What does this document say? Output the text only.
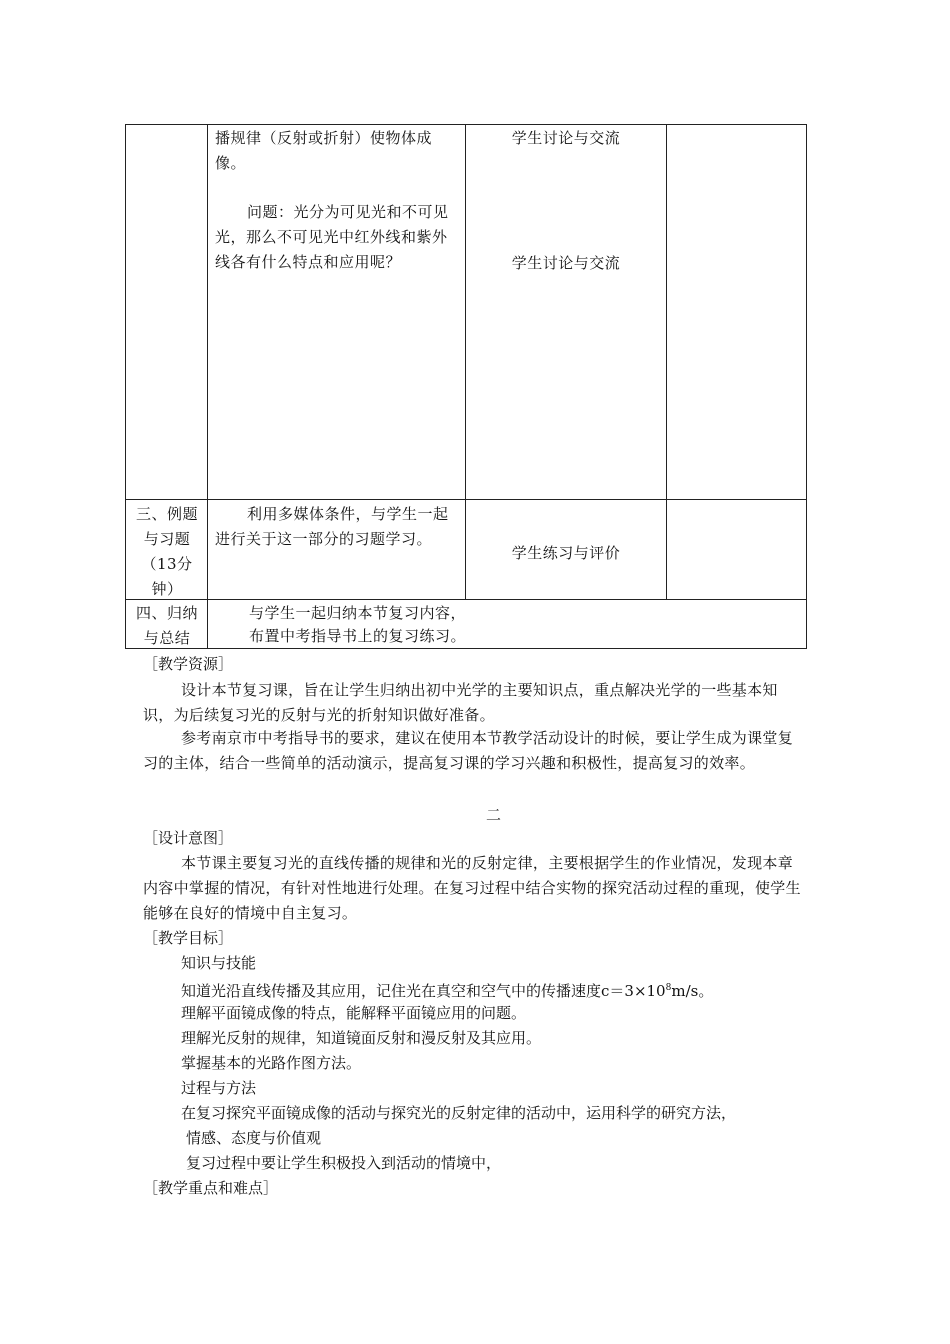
播规律（反射或折射）使物体成像。
问题：光分为可见光和不可见光，那么不可见光中红外线和紫外线各有什么特点和应用呢？
学生讨论与交流
学生讨论与交流
三、例题与习题（13分钟）
利用多媒体条件，与学生一起进行关于这一部分的习题学习。
学生练习与评价
四、归纳与总结
与学生一起归纳本节复习内容，
布置中考指导书上的复习练习。
［教学资源］
设计本节复习课，旨在让学生归纳出初中光学的主要知识点，重点解决光学的一些基本知识，为后续复习光的反射与光的折射知识做好准备。
参考南京市中考指导书的要求，建议在使用本节教学活动设计的时候，要让学生成为课堂复习的主体，结合一些简单的活动演示，提高复习课的学习兴趣和积极性，提高复习的效率。
二
［设计意图］
本节课主要复习光的直线传播的规律和光的反射定律，主要根据学生的作业情况，发现本章内容中掌握的情况，有针对性地进行处理。在复习过程中结合实物的探究活动过程的重现，使学生能够在良好的情境中自主复习。
［教学目标］
知识与技能
知道光沿直线传播及其应用，记住光在真空和空气中的传播速度$c=3\times 10^8m/s$。
理解平面镜成像的特点，能解释平面镜应用的问题。
理解光反射的规律，知道镜面反射和漫反射及其应用。
掌握基本的光路作图方法。
过程与方法
在复习探究平面镜成像的活动与探究光的反射定律的活动中，运用科学的研究方法，
情感、态度与价值观
复习过程中要让学生积极投入到活动的情境中，
［教学重点和难点］
